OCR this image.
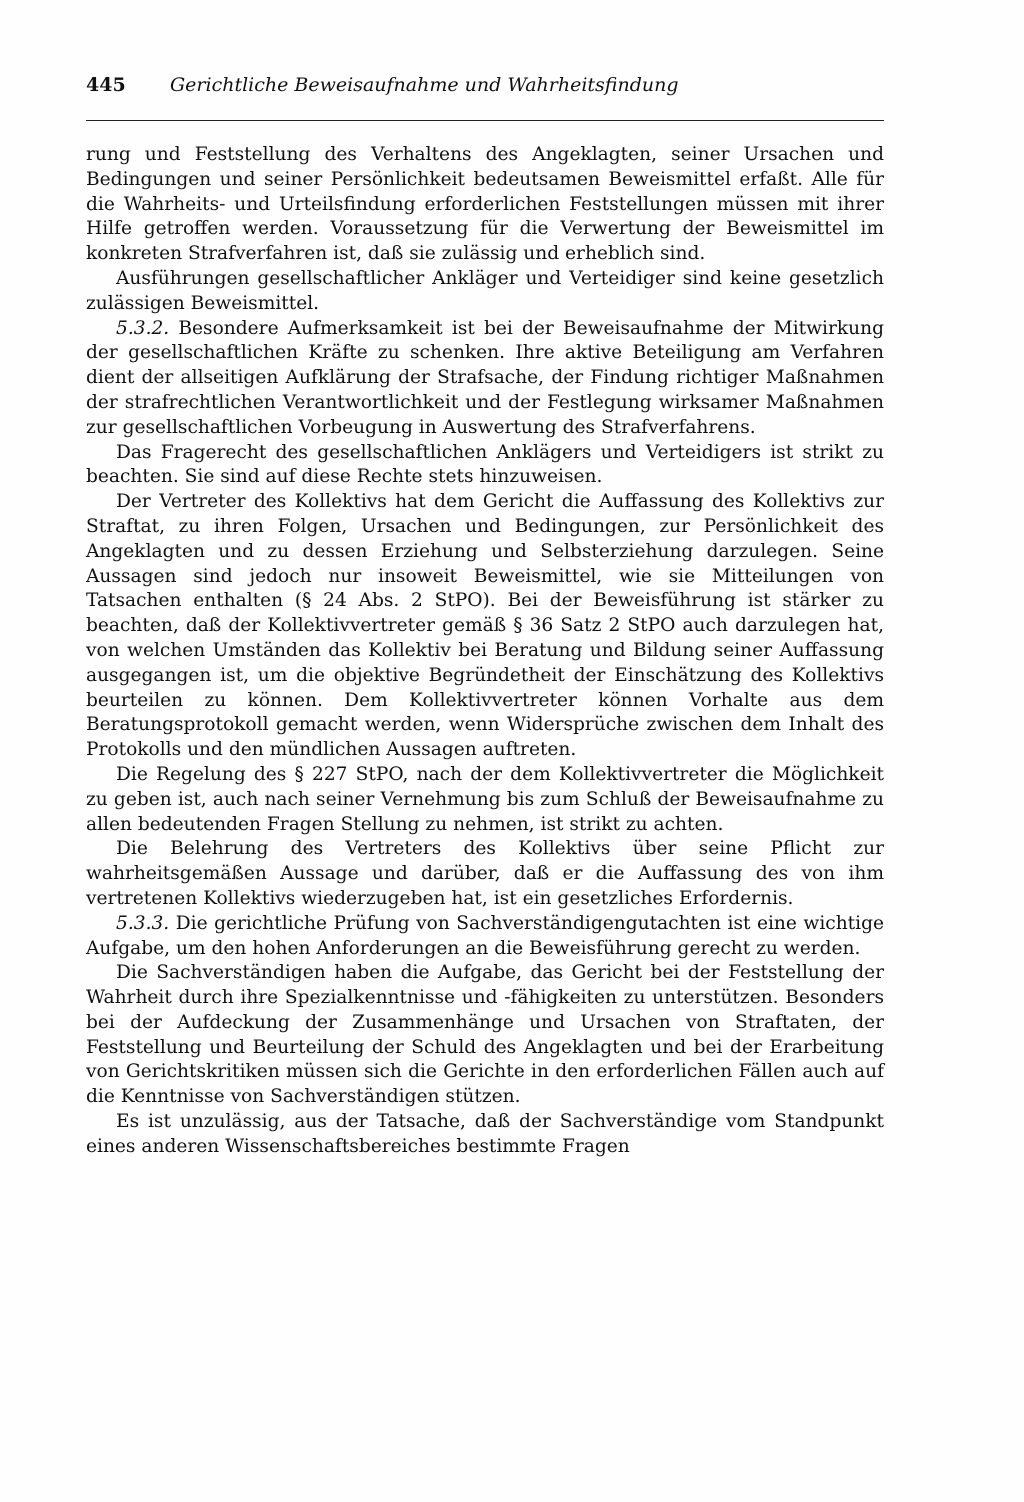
445 Gerichtliche Beweisaufnahme und Wahrheitsfindung

rung und Feststellung des Verhaltens des Angeklagten, seiner Ursachen und Bedingungen und seiner Persönlichkeit bedeutsamen Beweismittel erfaßt. Alle für die Wahrheits- und Urteilsfindung erforderlichen Feststellungen müssen mit ihrer Hilfe getroffen werden. Voraussetzung für die Verwertung der Beweismittel im konkreten Strafverfahren ist, daß sie zulässig und erheblich sind.

Ausführungen gesellschaftlicher Ankläger und Verteidiger sind keine gesetzlich zulässigen Beweismittel.

5.3.2. Besondere Aufmerksamkeit ist bei der Beweisaufnahme der Mitwirkung der gesellschaftlichen Kräfte zu schenken. Ihre aktive Beteiligung am Verfahren dient der allseitigen Aufklärung der Strafsache, der Findung richtiger Maßnahmen der strafrechtlichen Verantwortlichkeit und der Festlegung wirksamer Maßnahmen zur gesellschaftlichen Vorbeugung in Auswertung des Strafverfahrens.

Das Fragerecht des gesellschaftlichen Anklägers und Verteidigers ist strikt zu beachten. Sie sind auf diese Rechte stets hinzuweisen.

Der Vertreter des Kollektivs hat dem Gericht die Auffassung des Kollektivs zur Straftat, zu ihren Folgen, Ursachen und Bedingungen, zur Persönlichkeit des Angeklagten und zu dessen Erziehung und Selbsterziehung darzulegen. Seine Aussagen sind jedoch nur insoweit Beweismittel, wie sie Mitteilungen von Tatsachen enthalten (§ 24 Abs. 2 StPO). Bei der Beweisführung ist stärker zu beachten, daß der Kollektivvertreter gemäß § 36 Satz 2 StPO auch darzulegen hat, von welchen Umständen das Kollektiv bei Beratung und Bildung seiner Auffassung ausgegangen ist, um die objektive Begründetheit der Einschätzung des Kollektivs beurteilen zu können. Dem Kollektivvertreter können Vorhalte aus dem Beratungsprotokoll gemacht werden, wenn Widersprüche zwischen dem Inhalt des Protokolls und den mündlichen Aussagen auftreten.

Die Regelung des § 227 StPO, nach der dem Kollektivvertreter die Möglichkeit zu geben ist, auch nach seiner Vernehmung bis zum Schluß der Beweisaufnahme zu allen bedeutenden Fragen Stellung zu nehmen, ist strikt zu achten.

Die Belehrung des Vertreters des Kollektivs über seine Pflicht zur wahrheitsgemäßen Aussage und darüber, daß er die Auffassung des von ihm vertretenen Kollektivs wiederzugeben hat, ist ein gesetzliches Erfordernis.

5.3.3. Die gerichtliche Prüfung von Sachverständigengutachten ist eine wichtige Aufgabe, um den hohen Anforderungen an die Beweisführung gerecht zu werden.

Die Sachverständigen haben die Aufgabe, das Gericht bei der Feststellung der Wahrheit durch ihre Spezialkenntnisse und -fähigkeiten zu unterstützen. Besonders bei der Aufdeckung der Zusammenhänge und Ursachen von Straftaten, der Feststellung und Beurteilung der Schuld des Angeklagten und bei der Erarbeitung von Gerichtskritiken müssen sich die Gerichte in den erforderlichen Fällen auch auf die Kenntnisse von Sachverständigen stützen.

Es ist unzulässig, aus der Tatsache, daß der Sachverständige vom Standpunkt eines anderen Wissenschaftsbereiches bestimmte Fragen
